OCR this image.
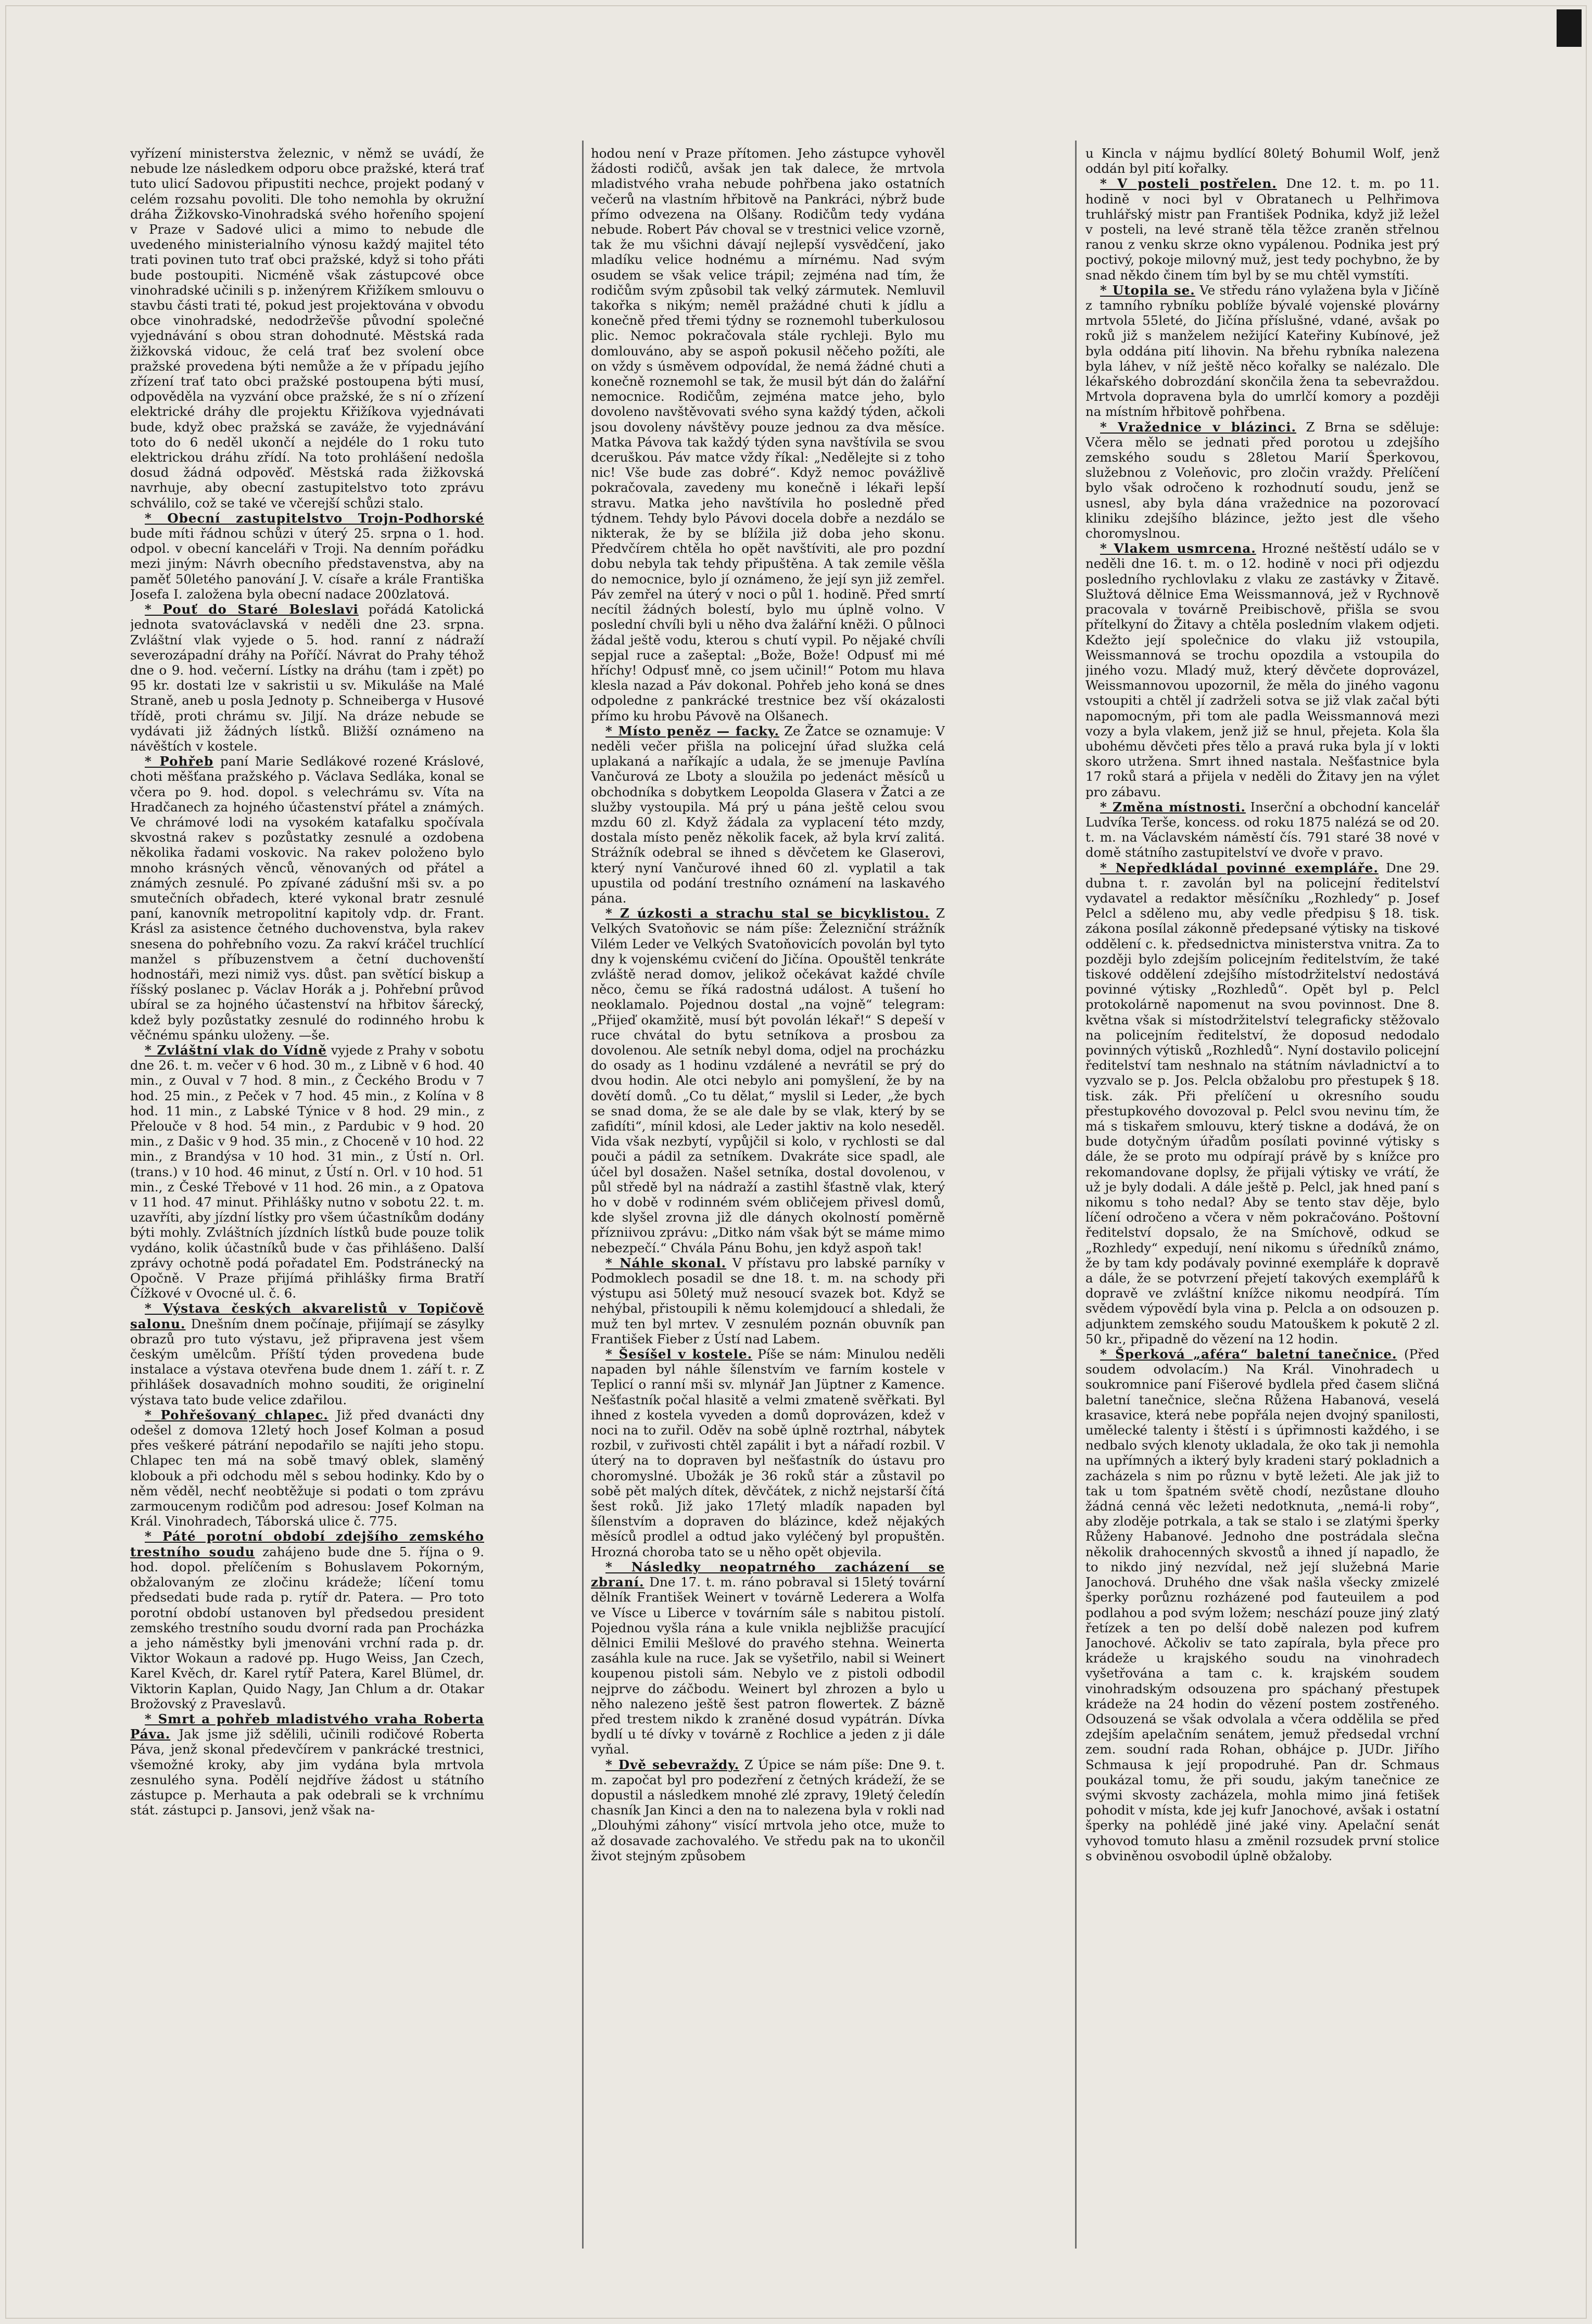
vyřízení ministerstva železnic, v němž se uvádí, že nebude lze následkem odporu obce pražské, která trať tuto ulicí Sadovou připustiti nechce, projekt podaný v celém rozsahu povoliti. Dle toho nemohla by okružní dráha Žižkovsko-Vinohradská svého hořeního spojení v Praze v Sadové ulici a mimo to nebude dle uvedeného ministerialního výnosu každý majitel této trati povinen tuto trať obci pražské, když si toho přáti bude postoupiti. Nicméně však zástupcové obce vinohradské učinili s p. inženýrem Křižíkem smlouvu o stavbu části trati té, pokud jest projektována v obvodu obce vinohradské, nedodržev̆še původní společné vyjednávání s obou stran dohodnuté. Městská rada žižkovská vidouc, že celá trať bez svolení obce pražské provedena býti nemůže a že v případu jejího zřízení trať tato obci pražské postoupena býti musí, odpověděla na vyzvání obce pražské, že s ní o zřízení elektrické dráhy dle projektu Křižíkova vyjednávati bude, když obec pražská se zaváže, že vyjednávání toto do 6 neděl ukončí a nejdéle do 1 roku tuto elektrickou dráhu zřídí. Na toto prohlášení nedošla dosud žádná odpověď. Městská rada žižkovská navrhuje, aby obecní zastupitelstvo toto zprávu schválilo, což se také ve včerejší schůzi stalo.

* Obecní zastupitelstvo Trojn-Podhorské bude míti řádnou schůzi v úterý 25. srpna o 1. hod. odpol. v obecní kanceláři v Troji. Na denním pořádku mezi jiným: Návrh obecního představenstva, aby na paměť 50letého panování J. V. císaře a krále Františka Josefa I. založena byla obecní nadace 200zlatová.

* Pouť do Staré Boleslavi pořádá Katolická jednota svatováclavská v neděli dne 23. srpna. Zvláštní vlak vyjede o 5. hod. ranní z nádraží severozápadní dráhy na Poříčí. Návrat do Prahy téhož dne o 9. hod. večerní. Lístky na dráhu (tam i zpět) po 95 kr. dostati lze v sakristii u sv. Mikuláše na Malé Straně, aneb u posla Jednoty p. Schneiberga v Husové třídě, proti chrámu sv. Jiljí. Na dráze nebude se vydávati již žádných lístků. Bližší oznámeno na návěštích v kostele.

* Pohřeb paní Marie Sedlákové rozené Kráslové, choti měšťana pražského p. Václava Sedláka, konal se včera po 9. hod. dopol. s velechrámu sv. Víta na Hradčanech za hojného účastenství přátel a známých. Ve chrámové lodi na vysokém katafalku spočívala skvostná rakev s pozůstatky zesnulé a ozdobena několika řadami voskovic. Na rakev položeno bylo mnoho krásných věnců, věnovaných od přátel a známých zesnulé. Po zpívané zádušní mši sv. a po smutečních obřadech, které vykonal bratr zesnulé paní, kanovník metropolitní kapitoly vdp. dr. Frant. Krásl za asistence četného duchovenstva, byla rakev snesena do pohřebního vozu. Za rakví kráčel truchlící manžel s příbuzenstvem a četní duchovenští hodnostáři, mezi nimiž vys. důst. pan světící biskup a říšský poslanec p. Václav Horák a j. Pohřební průvod ubíral se za hojného účastenství na hřbitov šárecký, kdež byly pozůstatky zesnulé do rodinného hrobu k věčnému spánku uloženy. —še.

* Zvláštní vlak do Vídně vyjede z Prahy v sobotu dne 26. t. m. večer v 6 hod. 30 m., z Libně v 6 hod. 40 min., z Ouval v 7 hod. 8 min., z Čeckého Brodu v 7 hod. 25 min., z Peček v 7 hod. 45 min., z Kolína v 8 hod. 11 min., z Labské Týnice v 8 hod. 29 min., z Přelouče v 8 hod. 54 min., z Pardubic v 9 hod. 20 min., z Dašic v 9 hod. 35 min., z Choceně v 10 hod. 22 min., z Brandýsa v 10 hod. 31 min., z Ústí n. Orl. (trans.) v 10 hod. 46 minut, z Ústí n. Orl. v 10 hod. 51 min., z České Třebové v 11 hod. 26 min., a z Opatova v 11 hod. 47 minut. Přihlášky nutno v sobotu 22. t. m. uzavříti, aby jízdní lístky pro všem účastníkům dodány býti mohly. Zvláštních jízdních lístků bude pouze tolik vydáno, kolik účastníků bude v čas přihlášeno. Další zprávy ochotně podá pořadatel Em. Podstránecký na Opočně. V Praze přijímá přihlášky firma Bratří Čížkové v Ovocné ul. č. 6.

* Výstava českých akvarelistů v Topičově salonu. Dnešním dnem počínaje, přijímají se zásylky obrazů pro tuto výstavu, jež připravena jest všem českým umělcům. Příští týden provedena bude instalace a výstava otevřena bude dnem 1. září t. r. Z přihlášek dosavadních mohno souditi, že originelní výstava tato bude velice zdařilou.

* Pohřešovaný chlapec. Již před dvanácti dny odešel z domova 12letý hoch Josef Kolman a posud přes veškeré pátrání nepodařilo se najíti jeho stopu. Chlapec ten má na sobě tmavý oblek, slaměný klobouk a při odchodu měl s sebou hodinky. Kdo by o něm věděl, nechť neobtěžuje si podati o tom zprávu zarmoucenym rodičům pod adresou: Josef Kolman na Král. Vinohradech, Táborská ulice č. 775.

* Páté porotní období zdejšího zemského trestního soudu zahájeno bude dne 5. října o 9. hod. dopol. přelíčením s Bohuslavem Pokorným, obžalovaným ze zločinu krádeže; líčení tomu předsedati bude rada p. rytíř dr. Patera. — Pro toto porotní období ustanoven byl předsedou president zemského trestního soudu dvorní rada pan Procházka a jeho náměstky byli jmenováni vrchní rada p. dr. Viktor Wokaun a radové pp. Hugo Weiss, Jan Czech, Karel Kvěch, dr. Karel rytíř Patera, Karel Blümel, dr. Viktorin Kaplan, Quido Nagy, Jan Chlum a dr. Otakar Brožovský z Praveslavů.

* Smrt a pohřeb mladistvého vraha Roberta Páva. Jak jsme již sdělili, učinili rodičové Roberta Páva, jenž skonal předevčírem v pankrácké trestnici, všemožné kroky, aby jim vydána byla mrtvola zesnulého syna. Podělí nejdříve žádost u státního zástupce p. Merhauta a pak odebrali se k vrchnímu stát. zástupci p. Jansovi, jenž však na-

hodou není v Praze přítomen. Jeho zástupce vyhověl žádosti rodičů, avšak jen tak dalece, že mrtvola mladistvého vraha nebude pohřbena jako ostatních večerů na vlastním hřbitově na Pankráci, nýbrž bude přímo odvezena na Olšany. Rodičům tedy vydána nebude. Robert Páv choval se v trestnici velice vzorně, tak že mu všichni dávají nejlepší vysvědčení, jako mladíku velice hodnému a mírnému. Nad svým osudem se však velice trápil; zejména nad tím, že rodičům svým způsobil tak velký zármutek. Nemluvil takořka s nikým; neměl pražádné chuti k jídlu a konečně před třemi týdny se roznemohl tuberkulosou plic. Nemoc pokračovala stále rychleji. Bylo mu domlouváno, aby se aspoň pokusil něčeho požíti, ale on vždy s úsměvem odpovídal, že nemá žádné chuti a konečně roznemohl se tak, že musil být dán do žalářní nemocnice. Rodičům, zejména matce jeho, bylo dovoleno navštěvovati svého syna každý týden, ačkoli jsou dovoleny návštěvy pouze jednou za dva měsíce. Matka Pávova tak každý týden syna navštívila se svou dceruškou. Páv matce vždy říkal: „Nedělejte si z toho nic! Vše bude zas dobré“. Když nemoc povážlivě pokračovala, zavedeny mu konečně i lékaři lepší stravu. Matka jeho navštívila ho posledně před týdnem. Tehdy bylo Pávovi docela dobře a nezdálo se nikterak, že by se blížila již doba jeho skonu. Předvčírem chtěla ho opět navštíviti, ale pro pozdní dobu nebyla tak tehdy připuštěna. A tak zemile věšla do nemocnice, bylo jí oznámeno, že její syn již zemřel. Páv zemřel na úterý v noci o půl 1. hodině. Před smrtí necítil žádných bolestí, bylo mu úplně volno. V poslední chvíli byli u něho dva žalářní kněži. O půlnoci žádal ještě vodu, kterou s chutí vypil. Po nějaké chvíli sepjal ruce a zašeptal: „Bože, Bože! Odpusť mi mé hříchy! Odpusť mně, co jsem učinil!“ Potom mu hlava klesla nazad a Páv dokonal. Pohřeb jeho koná se dnes odpoledne z pankrácké trestnice bez vší okázalosti přímo ku hrobu Pávově na Olšanech.

* Místo peněz — facky. Ze Žatce se oznamuje: V neděli večer přišla na policejní úřad služka celá uplakaná a naříkajíc a udala, že se jmenuje Pavlína Vančurová ze Lboty a sloužila po jedenáct měsíců u obchodníka s dobytkem Leopolda Glasera v Žatci a ze služby vystoupila. Má prý u pána ještě celou svou mzdu 60 zl. Když žádala za vyplacení této mzdy, dostala místo peněz několik facek, až byla krví zalitá. Strážník odebral se ihned s děvčetem ke Glaserovi, který nyní Vančurové ihned 60 zl. vyplatil a tak upustila od podání trestního oznámení na laskavého pána.

* Z úzkosti a strachu stal se bicyklistou. Z Velkých Svatoňovic se nám píše: Železniční strážník Vilém Leder ve Velkých Svatoňovicích povolán byl tyto dny k vojenskému cvičení do Jičína. Opouštěl tenkráte zvláště nerad domov, jelikož očekávat každé chvíle něco, čemu se říká radostná událost. A tušení ho neoklamalo. Pojednou dostal „na vojně“ telegram: „Přijeď okamžitě, musí být povolán lékař!“ S depeší v ruce chvátal do bytu setníkova a prosbou za dovolenou. Ale setník nebyl doma, odjel na procházku do osady as 1 hodinu vzdálené a nevrátil se prý do dvou hodin. Ale otci nebylo ani pomyšlení, že by na dovětí domů. „Co tu dělat,“ myslil si Leder, „že bych se snad doma, že se ale dale by se vlak, který by se zafidíti“, mínil kdosi, ale Leder jaktiv na kolo neseděl. Vida však nezbytí, vypůjčil si kolo, v rychlosti se dal pouči a pádil za setníkem. Dvakráte sice spadl, ale účel byl dosažen. Našel setníka, dostal dovolenou, v půl středě byl na nádraží a zastihl šťastně vlak, který ho v době v rodinném svém obličejem přivesl domů, kde slyšel zrovna již dle dánych okolností poměrně přízniivou zprávu: „Ditko nám však být se máme mimo nebezpečí.“ Chvála Pánu Bohu, jen když aspoň tak!

* Náhle skonal. V přístavu pro labské parníky v Podmoklech posadil se dne 18. t. m. na schody při výstupu asi 50letý muž nesoucí svazek bot. Když se nehýbal, přistoupili k němu kolemjdoucí a shledali, že muž ten byl mrtev. V zesnulém poznán obuvník pan František Fieber z Ústí nad Labem.

* Šesíšel v kostele. Píše se nám: Minulou neděli napaden byl náhle šílenstvím ve farním kostele v Teplicí o ranní mši sv. mlynář Jan Jüptner z Kamence. Nešťastník počal hlasitě a velmi zmateně svěřkati. Byl ihned z kostela vyveden a domů doprovázen, kdež v noci na to zuřil. Oděv na sobě úplně roztrhal, nábytek rozbil, v zuřivosti chtěl zapálit i byt a nářadí rozbil. V úterý na to dopraven byl nešťastník do ústavu pro choromyslné. Ubožák je 36 roků stár a zůstavil po sobě pět malých dítek, děvčátek, z nichž nejstarší čítá šest roků. Již jako 17letý mladík napaden byl šílenstvím a dopraven do blázince, kdež nějakých měsíců prodlel a odtud jako vyléčený byl propuštěn. Hrozná choroba tato se u něho opět objevila.

* Následky neopatrného zacházení se zbraní. Dne 17. t. m. ráno pobraval si 15letý tovární dělník František Weinert v továrně Lederera a Wolfa ve Vísce u Liberce v továrním sále s nabitou pistolí. Pojednou vyšla rána a kule vnikla nejbližše pracující dělnici Emilii Mešlové do pravého stehna. Weinerta zasáhla kule na ruce. Jak se vyšetřilo, nabil si Weinert koupenou pistoli sám. Nebylo ve z pistoli odbodil nejprve do záčbodu. Weinert byl zhrozen a bylo u něho nalezeno ještě šest patron flowertek. Z bázně před trestem nikdo k zraněné dosud vypátrán. Dívka bydlí u té dívky v továrně z Rochlice a jeden z ji dále vyňal.

* Dvě sebevraždy. Z Úpice se nám píše: Dne 9. t. m. započat byl pro podezření z četných krádeží, že se dopustil a následkem mnohé zlé zpravy, 19letý čeledín chasník Jan Kinci a den na to nalezena byla v rokli nad „Dlouhými záhony“ visící mrtvola jeho otce, muže to až dosavade zachovalého. Ve středu pak na to ukončil život stejným způsobem

u Kincla v nájmu bydlící 80letý Bohumil Wolf, jenž oddán byl pití kořalky.

* V posteli postřelen. Dne 12. t. m. po 11. hodině v noci byl v Obratanech u Pelhřimova truhlářský mistr pan František Podnika, když již ležel v posteli, na levé straně těla těžce zraněn střelnou ranou z venku skrze okno vypálenou. Podnika jest prý poctivý, pokoje milovný muž, jest tedy pochybno, že by snad někdo činem tím byl by se mu chtěl vymstíti.

* Utopila se. Ve středu ráno vylažena byla v Jičíně z tamního rybníku poblíže bývalé vojenské plovárny mrtvola 55leté, do Jičína příslušné, vdané, avšak po roků již s manželem nežijící Kateřiny Kubínové, jež byla oddána pití lihovin. Na břehu rybníka nalezena byla láhev, v níž ještě něco kořalky se nalézalo. Dle lékařského dobrozdání skončila žena ta sebevraždou. Mrtvola dopravena byla do umrlčí komory a později na místním hřbitově pohřbena.

* Vražednice v blázinci. Z Brna se sděluje: Včera mělo se jednati před porotou u zdejšího zemského soudu s 28letou Marií Šperkovou, služebnou z Voleňovic, pro zločin vraždy. Přelíčení bylo však odročeno k rozhodnutí soudu, jenž se usnesl, aby byla dána vražednice na pozorovací kliniku zdejšího blázince, ježto jest dle všeho choromyslnou.

* Vlakem usmrcena. Hrozné neštěstí událo se v neděli dne 16. t. m. o 12. hodině v noci při odjezdu posledního rychlovlaku z vlaku ze zastávky v Žitavě. Služtová dělnice Ema Weissmannová, jež v Rychnově pracovala v továrně Preibischově, přišla se svou přítelkyní do Žitavy a chtěla posledním vlakem odjeti. Kdežto její společnice do vlaku již vstoupila, Weissmannová se trochu opozdila a vstoupila do jiného vozu. Mladý muž, který děvčete doprovázel, Weissmannovou upozornil, že měla do jiného vagonu vstoupiti a chtěl jí zadrželi sotva se již vlak začal býti napomocným, při tom ale padla Weissmannová mezi vozy a byla vlakem, jenž již se hnul, přejeta. Kola šla ubohému děvčeti přes tělo a pravá ruka byla jí v lokti skoro utržena. Smrt ihned nastala. Nešťastnice byla 17 roků stará a přijela v neděli do Žitavy jen na výlet pro zábavu.

* Změna místnosti. Inserční a obchodní kancelář Ludvíka Terše, koncess. od roku 1875 nalézá se od 20. t. m. na Václavském náměstí čís. 791 staré 38 nové v domě státního zastupitelství ve dvoře v pravo.

* Nepředkládal povinné exempláře. Dne 29. dubna t. r. zavolán byl na policejní ředitelství vydavatel a redaktor měsíčníku „Rozhledy“ p. Josef Pelcl a sděleno mu, aby vedle předpisu § 18. tisk. zákona posílal zákonně předepsané výtisky na tiskové oddělení c. k. předsednictva ministerstva vnitra. Za to později bylo zdejším policejním ředitelstvím, že také tiskové oddělení zdejšího místodržitelství nedostává povinné výtisky „Rozhledů“. Opět byl p. Pelcl protokolárně napomenut na svou povinnost. Dne 8. května však si místodržitelství telegraficky stěžovalo na policejním ředitelství, že doposud nedodalo povinných výtisků „Rozhledů“. Nyní dostavilo policejní ředitelství tam neshnalo na státním návladnictví a to vyzvalo se p. Jos. Pelcla obžalobu pro přestupek § 18. tisk. zák. Při přelíčení u okresního soudu přestupkového dovozoval p. Pelcl svou nevinu tím, že má s tiskařem smlouvu, který tiskne a dodává, že on bude dotyčným úřadům posílati povinné výtisky s dále, že se proto mu odpírají právě by s knížce pro rekomandovane doplsy, že přijali výtisky ve vrátí, že už je byly dodali. A dále ještě p. Pelcl, jak hned paní s nikomu s toho nedal? Aby se tento stav děje, bylo líčení odročeno a včera v něm pokračováno. Poštovní ředitelství dopsalo, že na Smíchově, odkud se „Rozhledy“ expedují, není nikomu s úředníků známo, že by tam kdy podávaly povinné exempláře k dopravě a dále, že se potvrzení přejetí takových exemplářů k dopravě ve zvláštní knížce nikomu neodpírá. Tím svědem výpovědí byla vina p. Pelcla a on odsouzen p. adjunktem zemského soudu Matouškem k pokutě 2 zl. 50 kr., připadně do vězení na 12 hodin.

* Šperková „aféra“ baletní tanečnice. (Před soudem odvolacím.) Na Král. Vinohradech u soukromnice paní Fišerové bydlela před časem sličná baletní tanečnice, slečna Růžena Habanová, veselá krasavice, která nebe popřála nejen dvojný spanilosti, umělecké talenty i štěstí i s úpřimnosti každého, i se nedbalo svých klenoty ukladala, že oko tak ji nemohla na upřímných a ikterý byly kradeni starý pokladnich a zacházela s nim po různu v bytě ležeti. Ale jak již to tak u tom špatném světě chodí, nezůstane dlouho žádná cenná věc ležeti nedotknuta, „nemá-li roby“, aby zloděje potrkala, a tak se stalo i se zlatými šperky Růženy Habanové. Jednoho dne postrádala slečna několik drahocenných skvostů a ihned jí napadlo, že to nikdo jiný nezvídal, než její služebná Marie Janochová. Druhého dne však našla všecky zmizelé šperky porůznu rozházené pod fauteuilem a pod podlahou a pod svým ložem; neschází pouze jiný zlatý řetízek a ten po delší době nalezen pod kufrem Janochové. Ačkoliv se tato zapírala, byla přece pro krádeže u krajského soudu na vinohradech vyšetřována a tam c. k. krajském soudem vinohradským odsouzena pro spáchaný přestupek krádeže na 24 hodin do vězení postem zostřeného. Odsouzená se však odvolala a včera oddělila se před zdejším apelačním senátem, jemuž předsedal vrchní zem. soudní rada Rohan, obhájce p. JUDr. Jiřího Schmausa k její propodruhé. Pan dr. Schmaus poukázal tomu, že při soudu, jakým tanečnice ze svými skvosty zacházela, mohla mimo jiná fetišek pohodit v místa, kde jej kufr Janochové, avšak i ostatní šperky na pohlédě jiné jaké viny. Apelační senát vyhovod tomuto hlasu a změnil rozsudek první stolice s obviněnou osvobodil úplně obžaloby.
